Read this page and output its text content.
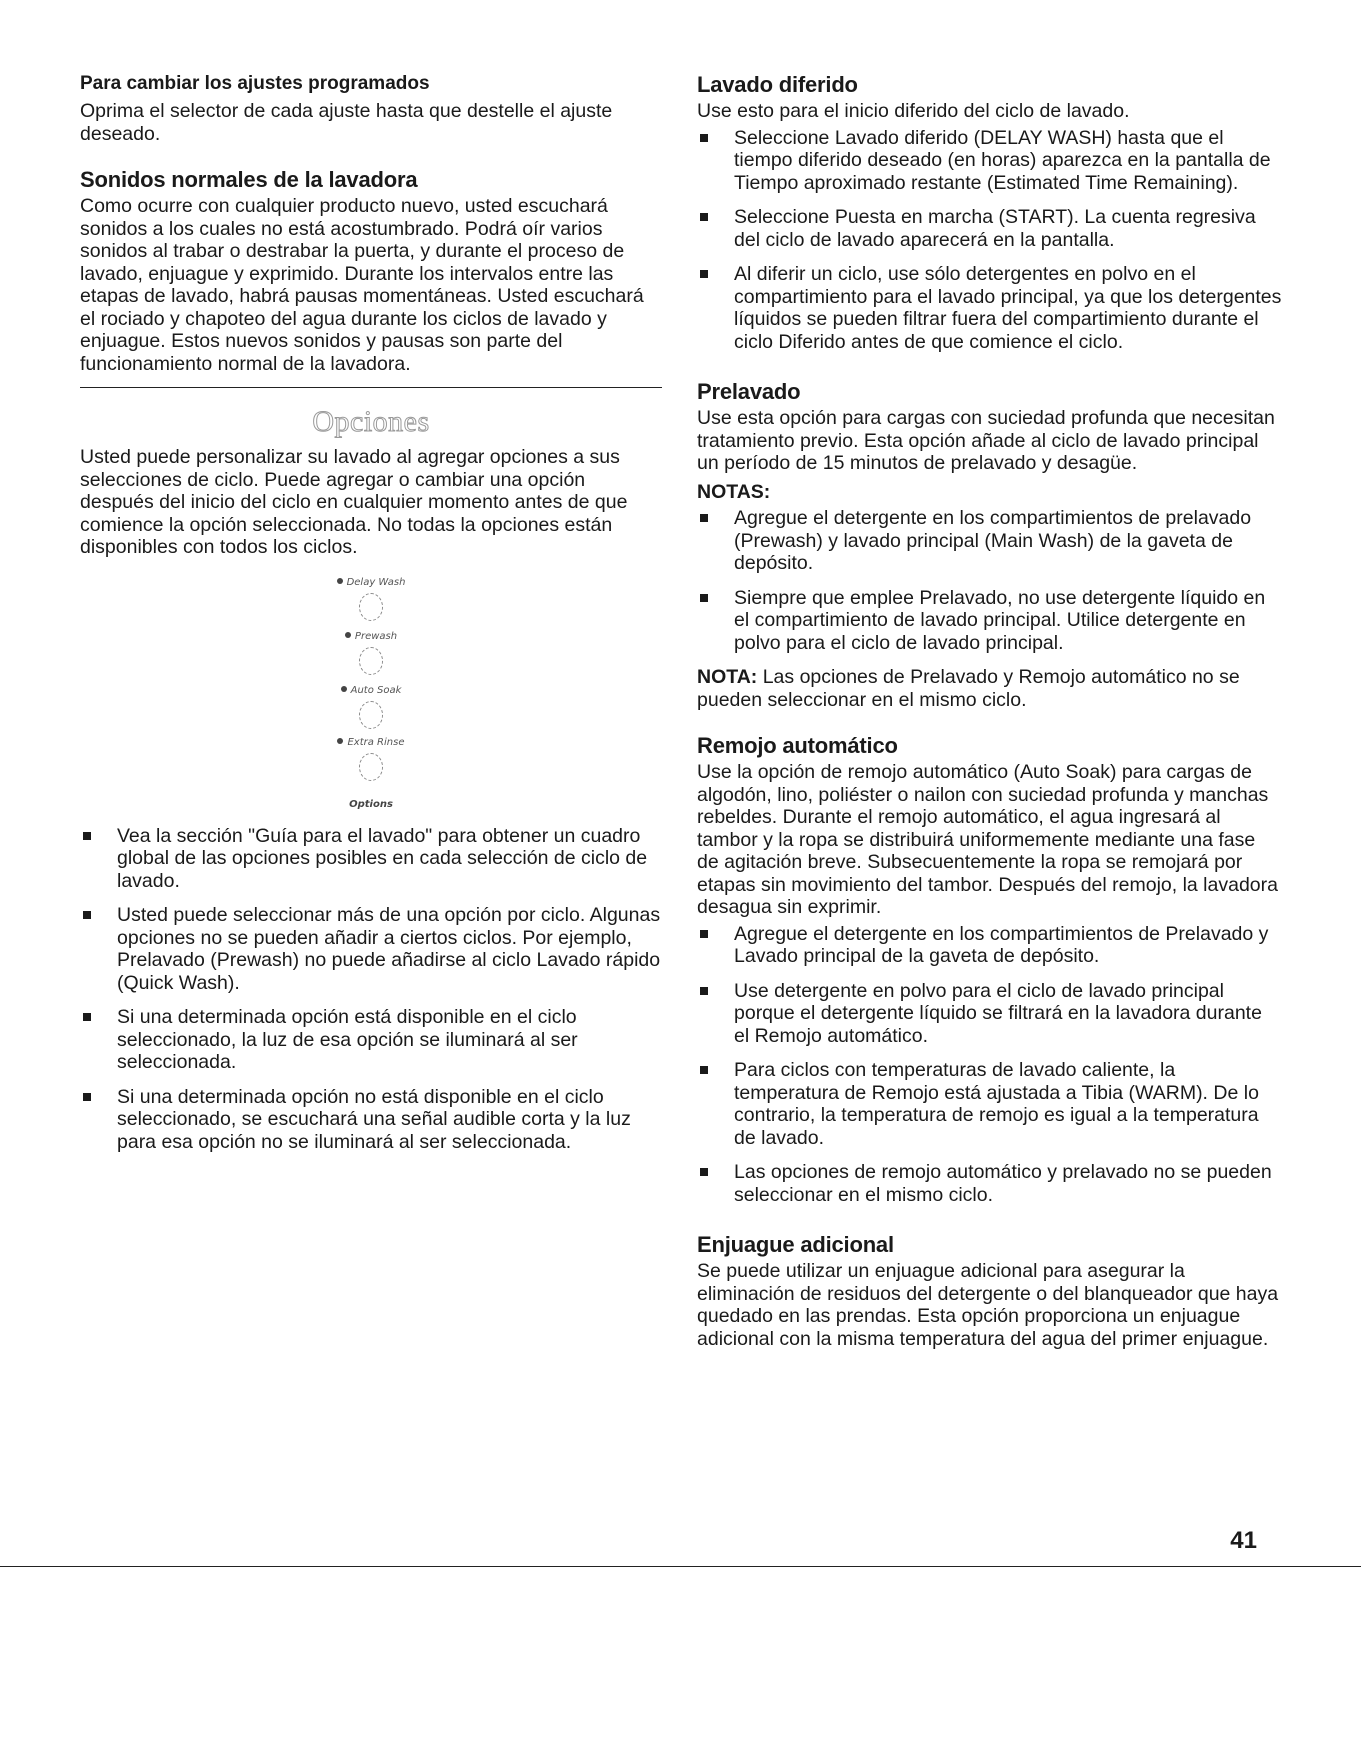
Para cambiar los ajustes programados

Oprima el selector de cada ajuste hasta que destelle el ajuste deseado.

Sonidos normales de la lavadora

Como ocurre con cualquier producto nuevo, usted escuchará sonidos a los cuales no está acostumbrado. Podrá oír varios sonidos al trabar o destrabar la puerta, y durante el proceso de lavado, enjuague y exprimido. Durante los intervalos entre las etapas de lavado, habrá pausas momentáneas. Usted escuchará el rociado y chapoteo del agua durante los ciclos de lavado y enjuague. Estos nuevos sonidos y pausas son parte del funcionamiento normal de la lavadora.

Opciones

Usted puede personalizar su lavado al agregar opciones a sus selecciones de ciclo. Puede agregar o cambiar una opción después del inicio del ciclo en cualquier momento antes de que comience la opción seleccionada. No todas la opciones están disponibles con todos los ciclos.

Delay Wash
Prewash
Auto Soak
Extra Rinse
Options
Vea la sección "Guía para el lavado" para obtener un cuadro global de las opciones posibles en cada selección de ciclo de lavado.
Usted puede seleccionar más de una opción por ciclo. Algunas opciones no se pueden añadir a ciertos ciclos. Por ejemplo, Prelavado (Prewash) no puede añadirse al ciclo Lavado rápido (Quick Wash).
Si una determinada opción está disponible en el ciclo seleccionado, la luz de esa opción se iluminará al ser seleccionada.
Si una determinada opción no está disponible en el ciclo seleccionado, se escuchará una señal audible corta y la luz para esa opción no se iluminará al ser seleccionada.
Lavado diferido

Use esto para el inicio diferido del ciclo de lavado.

Seleccione Lavado diferido (DELAY WASH) hasta que el tiempo diferido deseado (en horas) aparezca en la pantalla de Tiempo aproximado restante (Estimated Time Remaining).
Seleccione Puesta en marcha (START). La cuenta regresiva del ciclo de lavado aparecerá en la pantalla.
Al diferir un ciclo, use sólo detergentes en polvo en el compartimiento para el lavado principal, ya que los detergentes líquidos se pueden filtrar fuera del compartimiento durante el ciclo Diferido antes de que comience el ciclo.
Prelavado

Use esta opción para cargas con suciedad profunda que necesitan tratamiento previo. Esta opción añade al ciclo de lavado principal un período de 15 minutos de prelavado y desagüe.

NOTAS:
Agregue el detergente en los compartimientos de prelavado (Prewash) y lavado principal (Main Wash) de la gaveta de depósito.
Siempre que emplee Prelavado, no use detergente líquido en el compartimiento de lavado principal. Utilice detergente en polvo para el ciclo de lavado principal.

NOTA: Las opciones de Prelavado y Remojo automático no se pueden seleccionar en el mismo ciclo.

Remojo automático

Use la opción de remojo automático (Auto Soak) para cargas de algodón, lino, poliéster o nailon con suciedad profunda y manchas rebeldes. Durante el remojo automático, el agua ingresará al tambor y la ropa se distribuirá uniformemente mediante una fase de agitación breve. Subsecuentemente la ropa se remojará por etapas sin movimiento del tambor. Después del remojo, la lavadora desagua sin exprimir.

Agregue el detergente en los compartimientos de Prelavado y Lavado principal de la gaveta de depósito.
Use detergente en polvo para el ciclo de lavado principal porque el detergente líquido se filtrará en la lavadora durante el Remojo automático.
Para ciclos con temperaturas de lavado caliente, la temperatura de Remojo está ajustada a Tibia (WARM). De lo contrario, la temperatura de remojo es igual a la temperatura de lavado.
Las opciones de remojo automático y prelavado no se pueden seleccionar en el mismo ciclo.
Enjuague adicional

Se puede utilizar un enjuague adicional para asegurar la eliminación de residuos del detergente o del blanqueador que haya quedado en las prendas. Esta opción proporciona un enjuague adicional con la misma temperatura del agua del primer enjuague.

41
